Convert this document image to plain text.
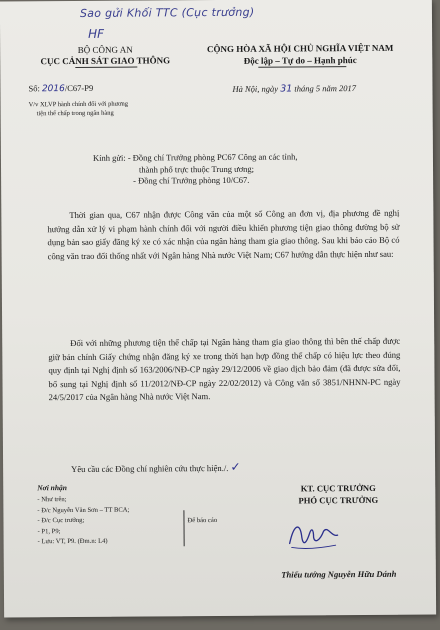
Sao gửi Khối TTC (Cục trưởng)
HF
BỘ CÔNG AN
CỤC CẢNH SÁT GIAO THÔNG
CỘNG HÒA XÃ HỘI CHỦ NGHĨA VIỆT NAM
Độc lập – Tự do – Hạnh phúc
Số: 2016/C67-P9	Hà Nội, ngày 31 tháng 5 năm 2017
V/v XLVP hành chính đối với phương
tiện thế chấp trong ngân hàng
Kính gửi: - Đồng chí Trưởng phòng PC67 Công an các tỉnh,
thành phố trực thuộc Trung ương;
- Đồng chí Trưởng phòng 10/C67.

Thời gian qua, C67 nhận được Công văn của một số Công an đơn vị, địa phương đề nghị hướng dẫn xử lý vi phạm hành chính đối với người điều khiển phương tiện giao thông đường bộ sử dụng bản sao giấy đăng ký xe có xác nhận của ngân hàng tham gia giao thông. Sau khi báo cáo Bộ có công văn trao đổi thống nhất với Ngân hàng Nhà nước Việt Nam; C67 hướng dẫn thực hiện như sau:

Đối với những phương tiện thế chấp tại Ngân hàng tham gia giao thông thì bên thế chấp được giữ bản chính Giấy chứng nhận đăng ký xe trong thời hạn hợp đồng thế chấp có hiệu lực theo đúng quy định tại Nghị định số 163/2006/NĐ-CP ngày 29/12/2006 về giao dịch bảo đảm (đã được sửa đổi, bổ sung tại Nghị định số 11/2012/NĐ-CP ngày 22/02/2012) và Công văn số 3851/NHNN-PC ngày 24/5/2017 của Ngân hàng Nhà nước Việt Nam.

Yêu cầu các Đồng chí nghiên cứu thực hiện./. ✓
Nơi nhận
- Như trên;
- Đ/c Nguyễn Văn Sơn – TT BCA;
- Đ/c Cục trưởng;
- P1, P9;
- Lưu: VT, P9. (Đm.n: L4)
Để báo cáo
KT. CỤC TRƯỞNG
PHÓ CỤC TRƯỞNG
Thiếu tướng Nguyễn Hữu Dánh
